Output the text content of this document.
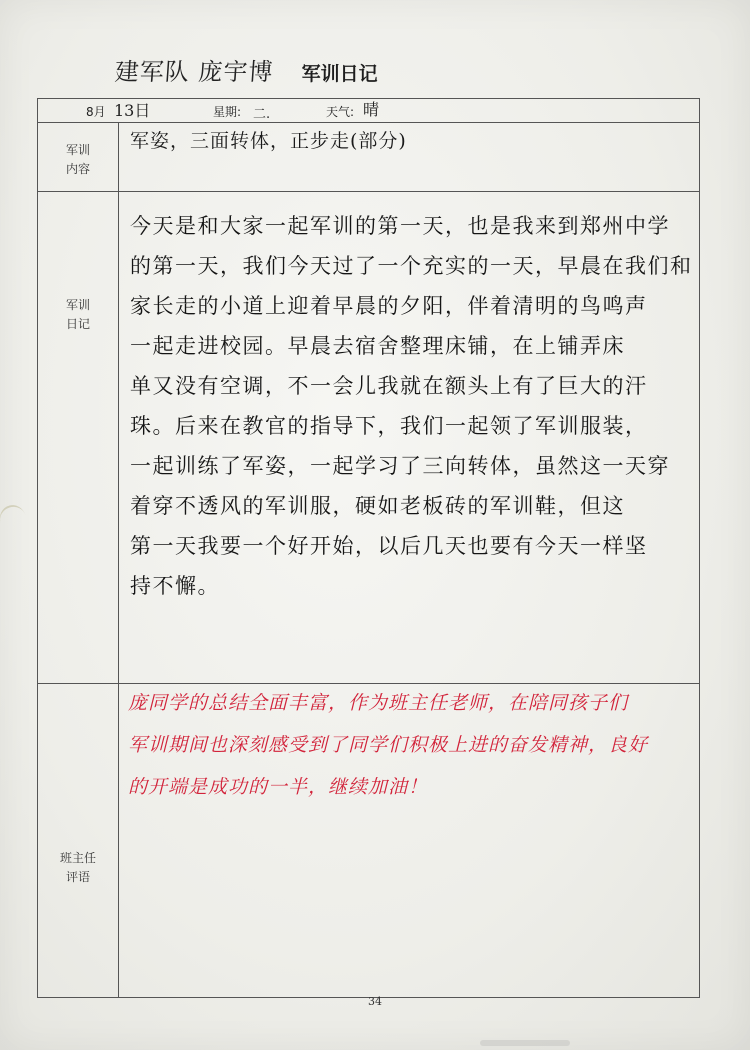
建军队 庞宇博 军训日记
8月 13日	星期: 二.	天气: 晴
军训
内容
军姿，三面转体，正步走(部分)
军训
日记
今天是和大家一起军训的第一天，也是我来到郑州中学
的第一天，我们今天过了一个充实的一天，早晨在我们和
家长走的小道上迎着早晨的夕阳，伴着清明的鸟鸣声
一起走进校园。早晨去宿舍整理床铺，在上铺弄床
单又没有空调，不一会儿我就在额头上有了巨大的汗
珠。后来在教官的指导下，我们一起领了军训服装，
一起训练了军姿，一起学习了三向转体，虽然这一天穿
着穿不透风的军训服，硬如老板砖的军训鞋，但这
第一天我要一个好开始，以后几天也要有今天一样坚
持不懈。
班主任
评语
庞同学的总结全面丰富，作为班主任老师，在陪同孩子们
军训期间也深刻感受到了同学们积极上进的奋发精神，良好
的开端是成功的一半，继续加油！
34
